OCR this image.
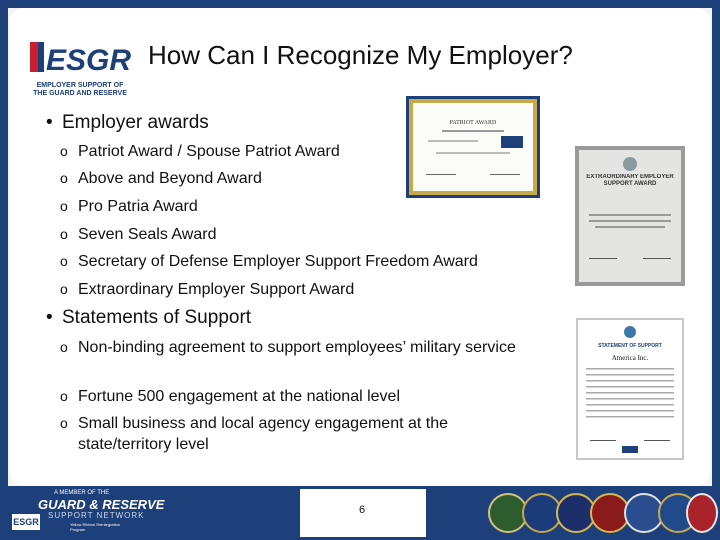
ESGR
EMPLOYER SUPPORT OF
THE GUARD AND RESERVE
How Can I Recognize My Employer?
• Employer awards
o Patriot Award / Spouse Patriot Award
o Above and Beyond Award
o Pro Patria Award
o Seven Seals Award
o Secretary of Defense Employer Support Freedom Award
o Extraordinary Employer Support Award
• Statements of Support
o Non-binding agreement to support employees’ military service
o Fortune 500 engagement at the national level
o Small business and local agency engagement at the state/territory level
PATRIOT AWARD
EXTRAORDINARY EMPLOYER SUPPORT AWARD
STATEMENT OF SUPPORT
America Inc.
6
A MEMBER OF THE
GUARD & RESERVE
SUPPORT NETWORK
ESGR	Yellow Ribbon Reintegration Program
